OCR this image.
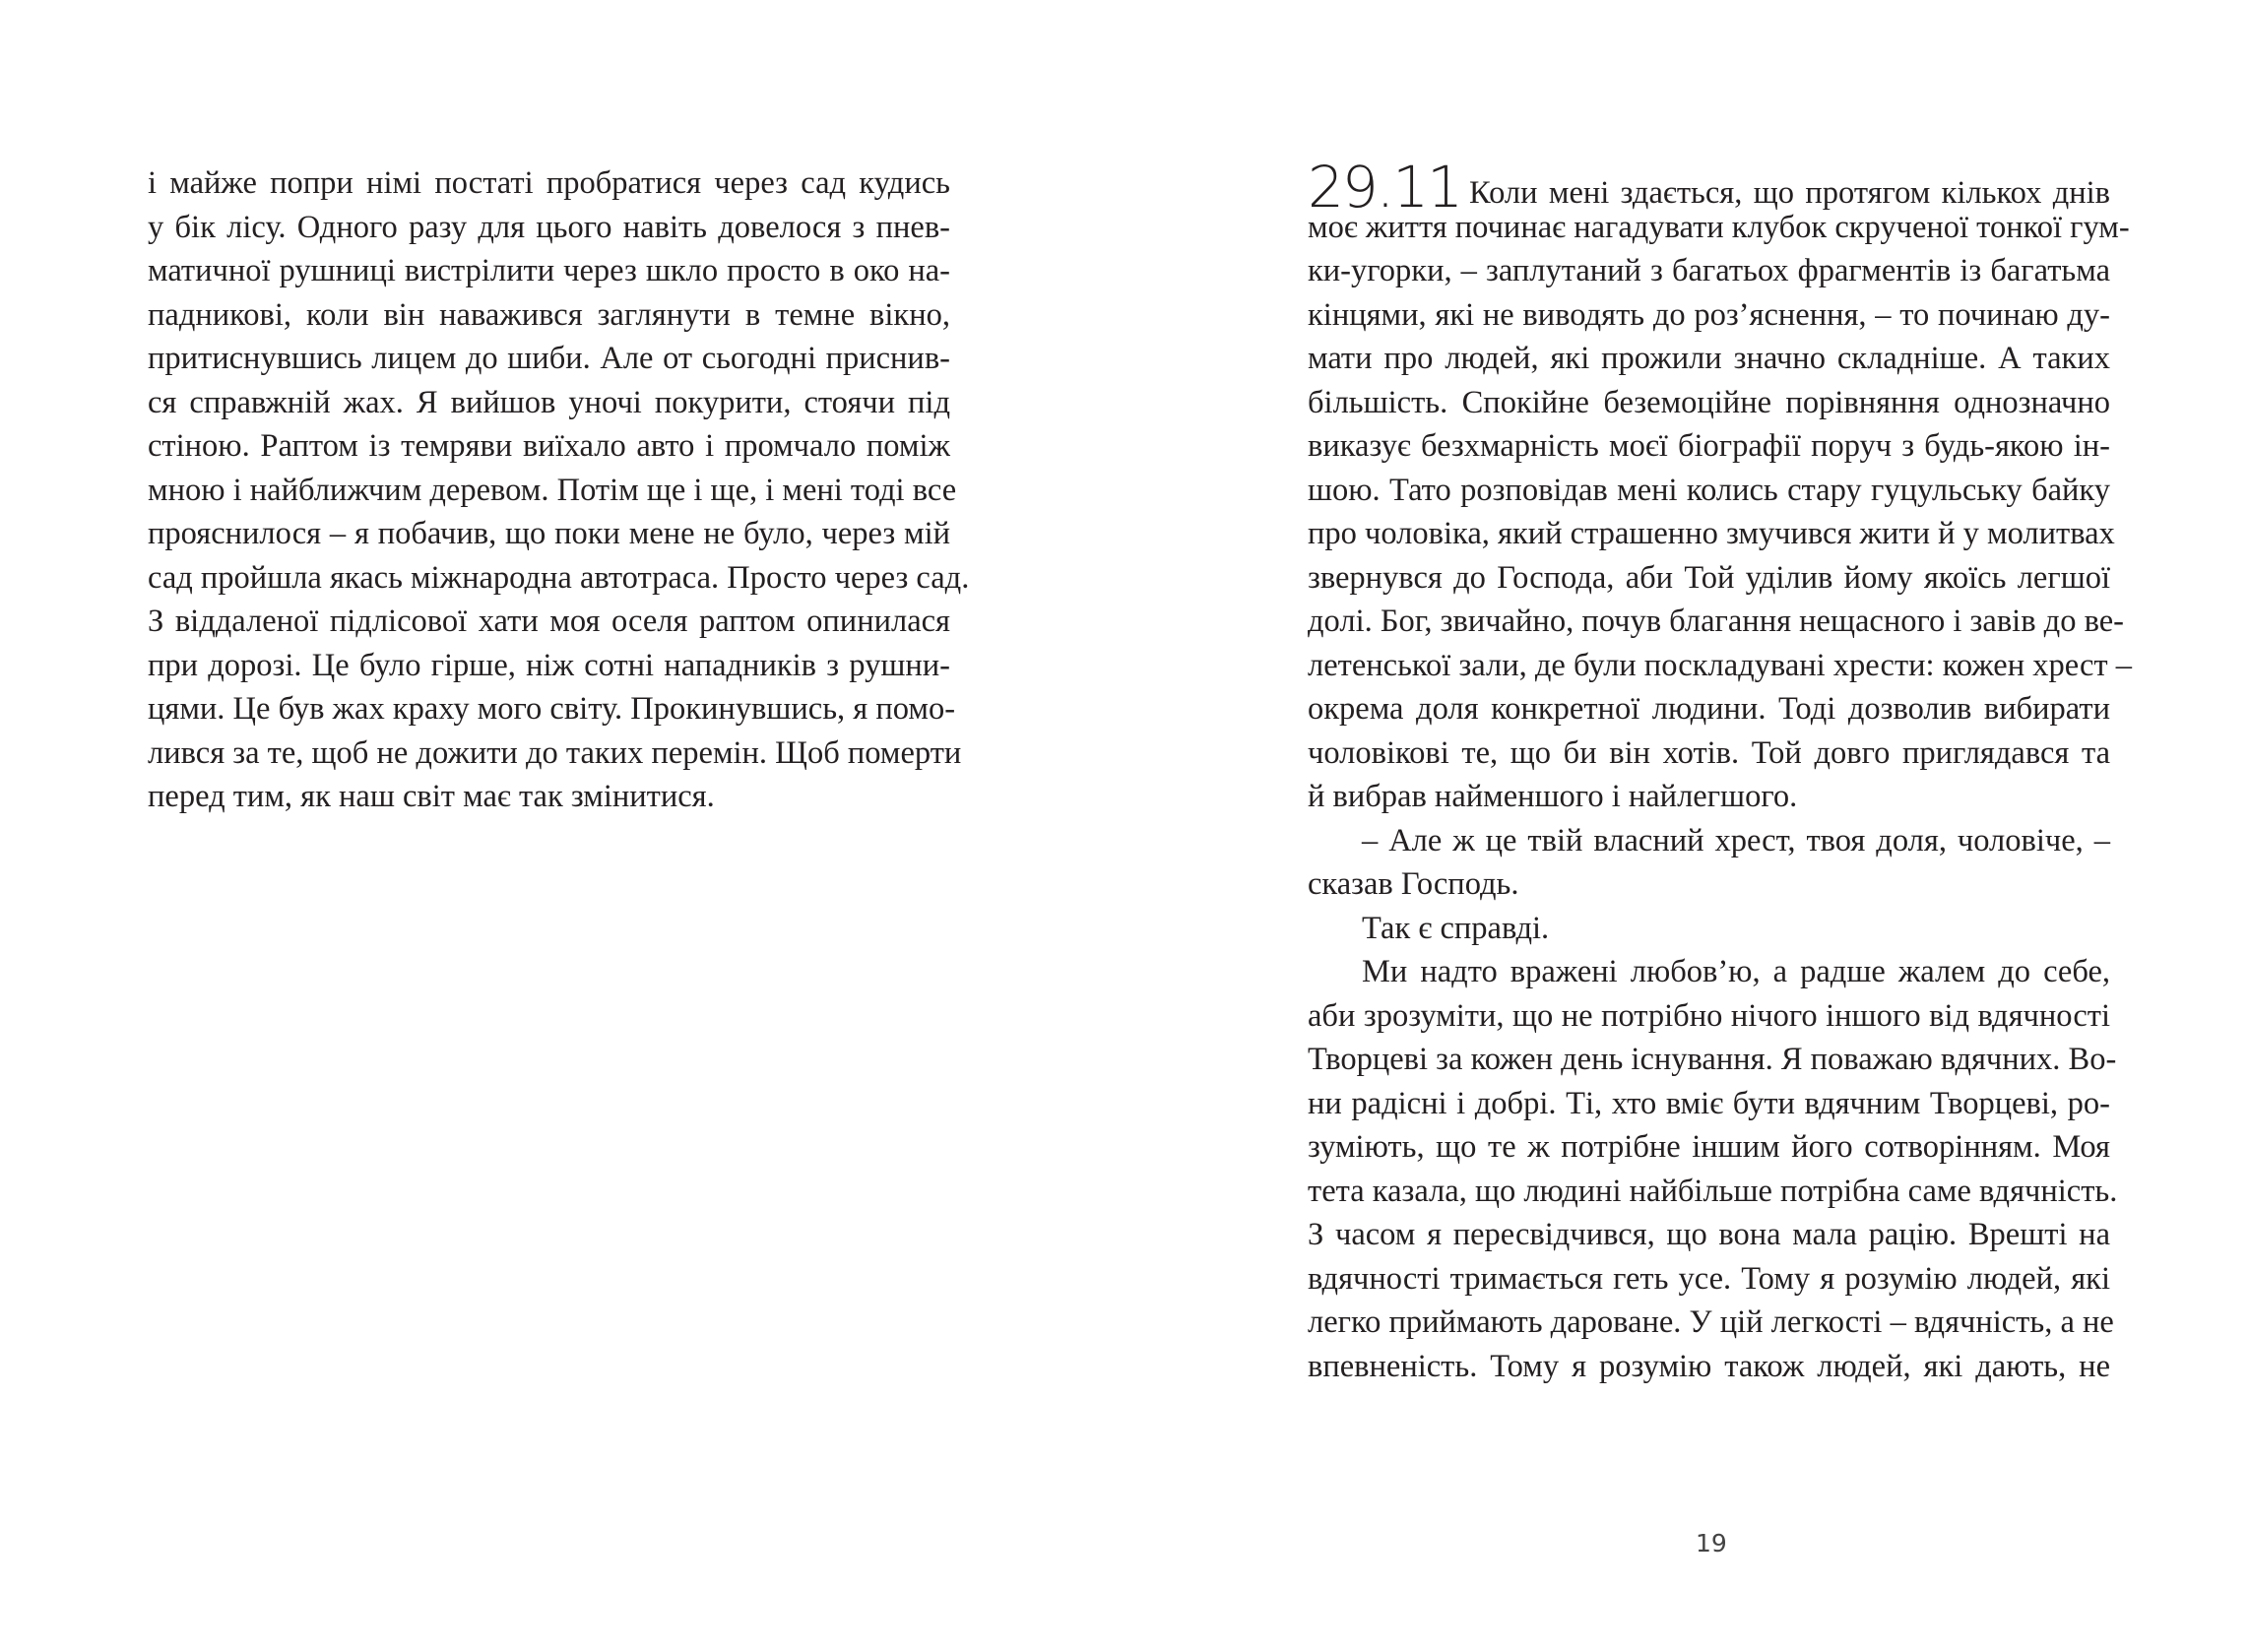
і майже попри німі постаті пробратися через сад кудись
у бік лісу. Одного разу для цього навіть довелося з пнев-
матичної рушниці вистрілити через шкло просто в око на-
падникові, коли він наважився заглянути в темне вікно,
притиснувшись лицем до шиби. Але от сьогодні приснив-
ся справжній жах. Я вийшов уночі покурити, стоячи під
стіною. Раптом із темряви виїхало авто і промчало поміж
мною і найближчим деревом. Потім ще і ще, і мені тоді все
прояснилося – я побачив, що поки мене не було, через мій
сад пройшла якась міжнародна автотраса. Просто через сад.
З віддаленої підлісової хати моя оселя раптом опинилася
при дорозі. Це було гірше, ніж сотні нападників з рушни-
цями. Це був жах краху мого світу. Прокинувшись, я помо-
лився за те, щоб не дожити до таких перемін. Щоб померти
перед тим, як наш світ має так змінитися.
29.11 Коли мені здається, що протягом кількох днів
моє життя починає нагадувати клубок скрученої тонкої гум-
ки-угорки, – заплутаний з багатьох фрагментів із багатьма
кінцями, які не виводять до роз’яснення, – то починаю ду-
мати про людей, які прожили значно складніше. А таких
більшість. Спокійне беземоційне порівняння однозначно
виказує безхмарність моєї біографії поруч з будь-якою ін-
шою. Тато розповідав мені колись стару гуцульську байку
про чоловіка, який страшенно змучився жити й у молитвах
звернувся до Господа, аби Той уділив йому якоїсь легшої
долі. Бог, звичайно, почув благання нещасного і завів до ве-
летенської зали, де були поскладувані хрести: кожен хрест –
окрема доля конкретної людини. Тоді дозволив вибирати
чоловікові те, що би він хотів. Той довго приглядався та
й вибрав найменшого і найлегшого.
– Але ж це твій власний хрест, твоя доля, чоловіче, –
сказав Господь.
Так є справді.
Ми надто вражені любов’ю, а радше жалем до себе,
аби зрозуміти, що не потрібно нічого іншого від вдячності
Творцеві за кожен день існування. Я поважаю вдячних. Во-
ни радісні і добрі. Ті, хто вміє бути вдячним Творцеві, ро-
зуміють, що те ж потрібне іншим його сотворінням. Моя
тета казала, що людині найбільше потрібна саме вдячність.
З часом я пересвідчився, що вона мала рацію. Врешті на
вдячності тримається геть усе. Тому я розумію людей, які
легко приймають дароване. У цій легкості – вдячність, а не
впевненість. Тому я розумію також людей, які дають, не
19
